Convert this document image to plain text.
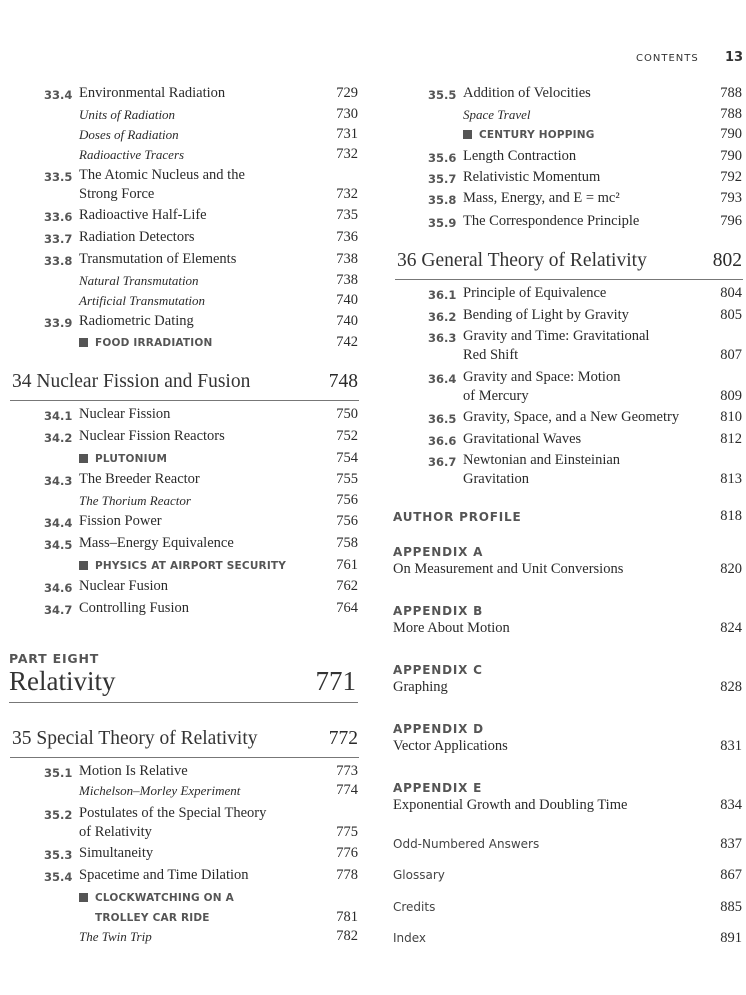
CONTENTS 13
33.4 Environmental Radiation	729
Units of Radiation	730
Doses of Radiation	731
Radioactive Tracers	732
33.5 The Atomic Nucleus and the
Strong Force	732
33.6 Radioactive Half-Life	735
33.7 Radiation Detectors	736
33.8 Transmutation of Elements	738
Natural Transmutation	738
Artificial Transmutation	740
33.9 Radiometric Dating	740
FOOD IRRADIATION	742
34 Nuclear Fission and Fusion	748
34.1 Nuclear Fission	750
34.2 Nuclear Fission Reactors	752
PLUTONIUM	754
34.3 The Breeder Reactor	755
The Thorium Reactor	756
34.4 Fission Power	756
34.5 Mass–Energy Equivalence	758
PHYSICS AT AIRPORT SECURITY	761
34.6 Nuclear Fusion	762
34.7 Controlling Fusion	764
PART EIGHT
Relativity	771
35 Special Theory of Relativity	772
35.1 Motion Is Relative	773
Michelson–Morley Experiment	774
35.2 Postulates of the Special Theory
of Relativity	775
35.3 Simultaneity	776
35.4 Spacetime and Time Dilation	778
CLOCKWATCHING ON A
TROLLEY CAR RIDE	781
The Twin Trip	782
35.5 Addition of Velocities	788
Space Travel	788
CENTURY HOPPING	790
35.6 Length Contraction	790
35.7 Relativistic Momentum	792
35.8 Mass, Energy, and E = mc²	793
35.9 The Correspondence Principle	796
36 General Theory of Relativity	802
36.1 Principle of Equivalence	804
36.2 Bending of Light by Gravity	805
36.3 Gravity and Time: Gravitational
Red Shift	807
36.4 Gravity and Space: Motion
of Mercury	809
36.5 Gravity, Space, and a New Geometry	810
36.6 Gravitational Waves	812
36.7 Newtonian and Einsteinian
Gravitation	813
AUTHOR PROFILE	818
APPENDIX A
On Measurement and Unit Conversions	820
APPENDIX B
More About Motion	824
APPENDIX C
Graphing	828
APPENDIX D
Vector Applications	831
APPENDIX E
Exponential Growth and Doubling Time	834
Odd-Numbered Answers	837
Glossary	867
Credits	885
Index	891
